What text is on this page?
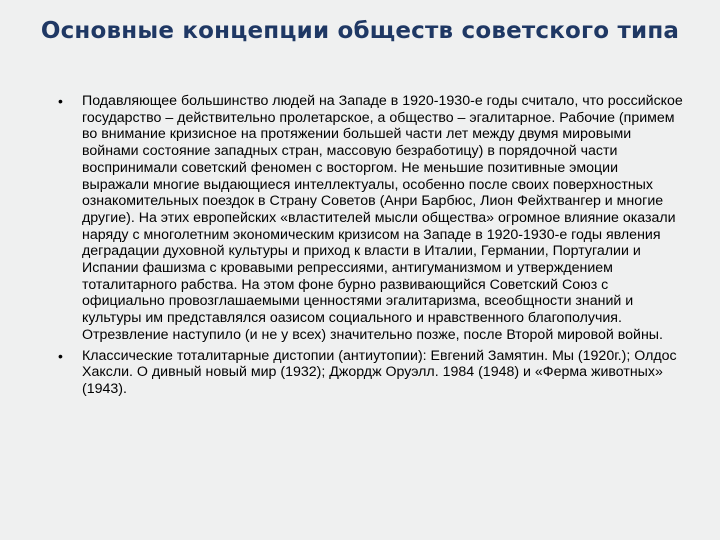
Основные концепции обществ советского типа
• Подавляющее большинство людей на Западе в 1920-1930-е годы считало, что российское государство – действительно пролетарское, а общество – эгалитарное. Рабочие (примем во внимание кризисное на протяжении большей части лет между двумя мировыми войнами состояние западных стран, массовую безработицу) в порядочной части воспринимали советский феномен с восторгом. Не меньшие позитивные эмоции выражали многие выдающиеся интеллектуалы, особенно после своих поверхностных ознакомительных поездок в Страну Советов (Анри Барбюс, Лион Фейхтвангер и многие другие). На этих европейских «властителей мысли общества» огромное влияние оказали наряду с многолетним экономическим кризисом на Западе в 1920-1930-е годы явления деградации духовной культуры и приход к власти в Италии, Германии, Португалии и Испании фашизма с кровавыми репрессиями, антигуманизмом и утверждением тоталитарного рабства. На этом фоне бурно развивающийся Советский Союз с официально провозглашаемыми ценностями эгалитаризма, всеобщности знаний и культуры им представлялся оазисом социального и нравственного благополучия. Отрезвление наступило (и не у всех) значительно позже, после Второй мировой войны.
• Классические тоталитарные дистопии (антиутопии): Евгений Замятин. Мы (1920г.); Олдос Хаксли. О дивный новый мир (1932); Джордж Оруэлл. 1984 (1948) и «Ферма животных» (1943).
